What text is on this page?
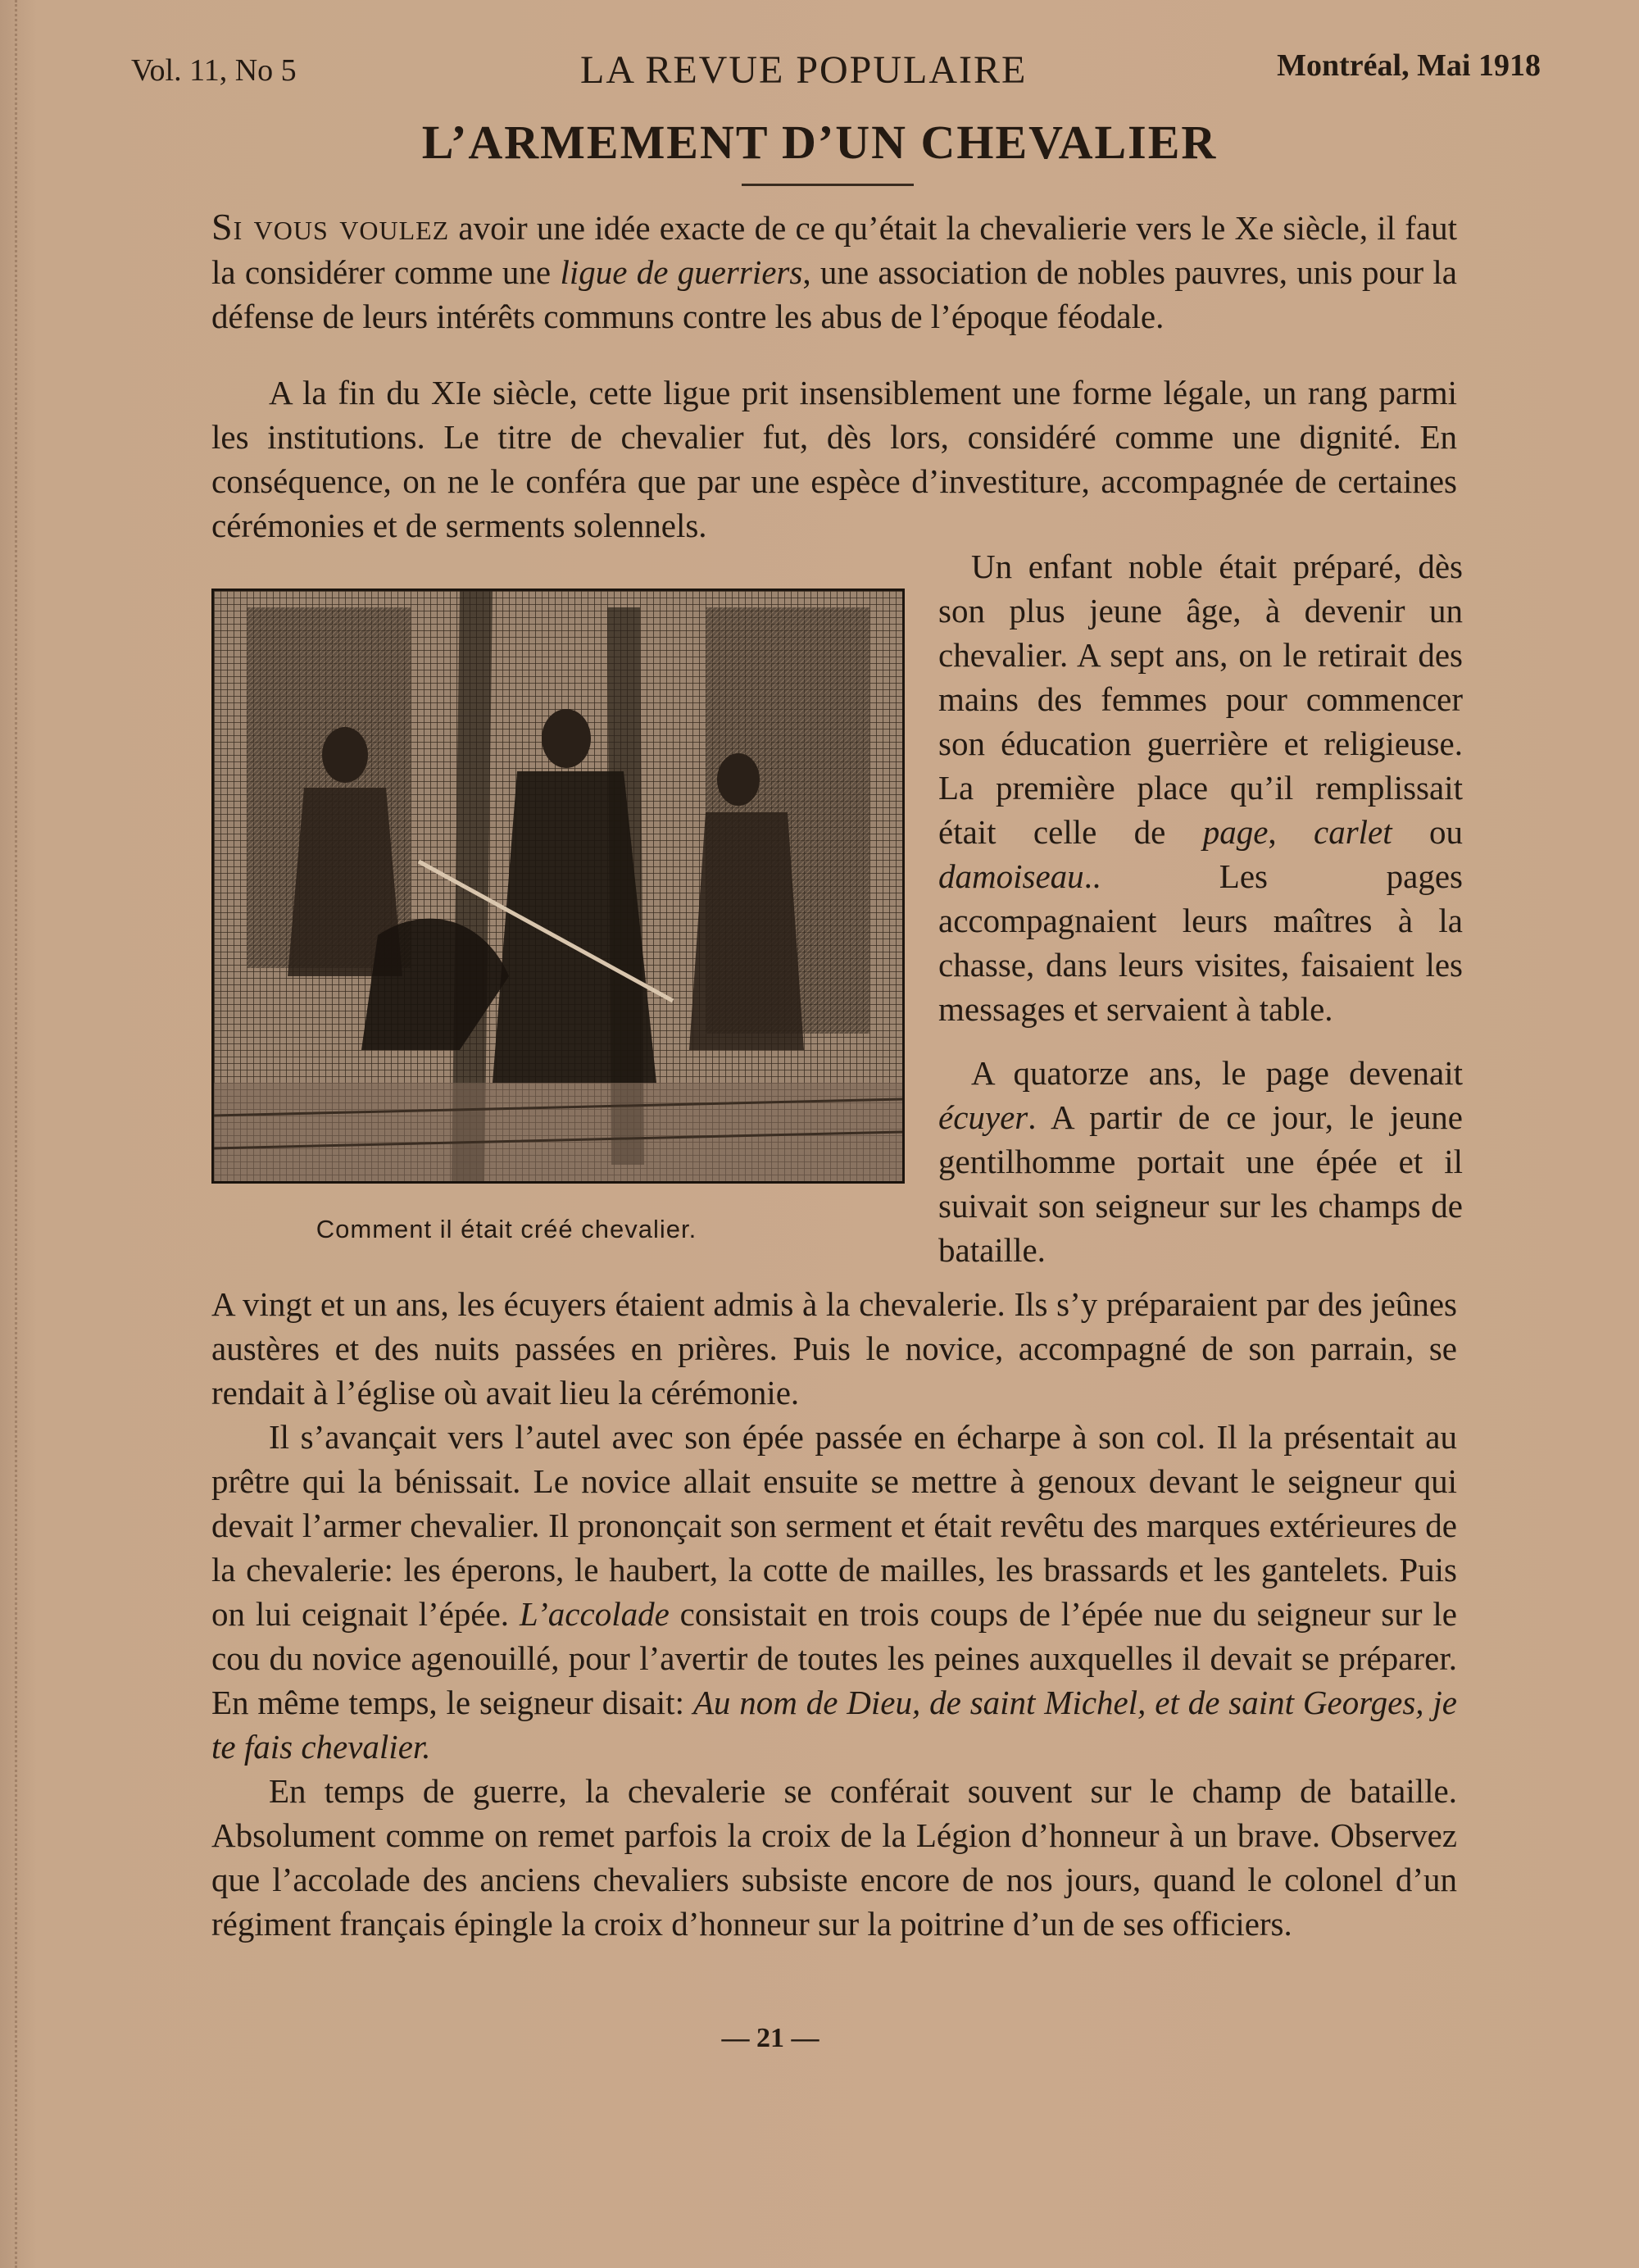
Vol. 11, No 5	LA REVUE POPULAIRE	Montréal, Mai 1918
L’ARMEMENT D’UN CHEVALIER

Si vous voulez avoir une idée exacte de ce qu’était la chevalierie vers le Xe siècle, il faut la considérer comme une ligue de guerriers, une association de nobles pauvres, unis pour la défense de leurs intérêts communs contre les abus de l’époque féodale.

A la fin du XIe siècle, cette ligue prit insensiblement une forme légale, un rang parmi les institutions. Le titre de chevalier fut, dès lors, considéré comme une dignité. En conséquence, on ne le conféra que par une espèce d’investiture, accompagnée de certaines cérémonies et de serments solennels.

Comment il était créé chevalier.

Un enfant noble était préparé, dès son plus jeune âge, à devenir un chevalier. A sept ans, on le retirait des mains des femmes pour commencer son éducation guerrière et religieuse. La première place qu’il remplissait était celle de page, carlet ou damoiseau.. Les pages accompagnaient leurs maîtres à la chasse, dans leurs visites, faisaient les messages et servaient à table.

A quatorze ans, le page devenait écuyer. A partir de ce jour, le jeune gentilhomme portait une épée et il suivait son seigneur sur les champs de bataille.

A vingt et un ans, les écuyers étaient admis à la chevalerie. Ils s’y préparaient par des jeûnes austères et des nuits passées en prières. Puis le novice, accompagné de son parrain, se rendait à l’église où avait lieu la cérémonie.

Il s’avançait vers l’autel avec son épée passée en écharpe à son col. Il la présentait au prêtre qui la bénissait. Le novice allait ensuite se mettre à genoux devant le seigneur qui devait l’armer chevalier. Il prononçait son serment et était revêtu des marques extérieures de la chevalerie: les éperons, le haubert, la cotte de mailles, les brassards et les gantelets. Puis on lui ceignait l’épée. L’accolade consistait en trois coups de l’épée nue du seigneur sur le cou du novice agenouillé, pour l’avertir de toutes les peines auxquelles il devait se préparer. En même temps, le seigneur disait: Au nom de Dieu, de saint Michel, et de saint Georges, je te fais chevalier.

En temps de guerre, la chevalerie se conférait souvent sur le champ de bataille. Absolument comme on remet parfois la croix de la Légion d’honneur à un brave. Observez que l’accolade des anciens chevaliers subsiste encore de nos jours, quand le colonel d’un régiment français épingle la croix d’honneur sur la poitrine d’un de ses officiers.

— 21 —
